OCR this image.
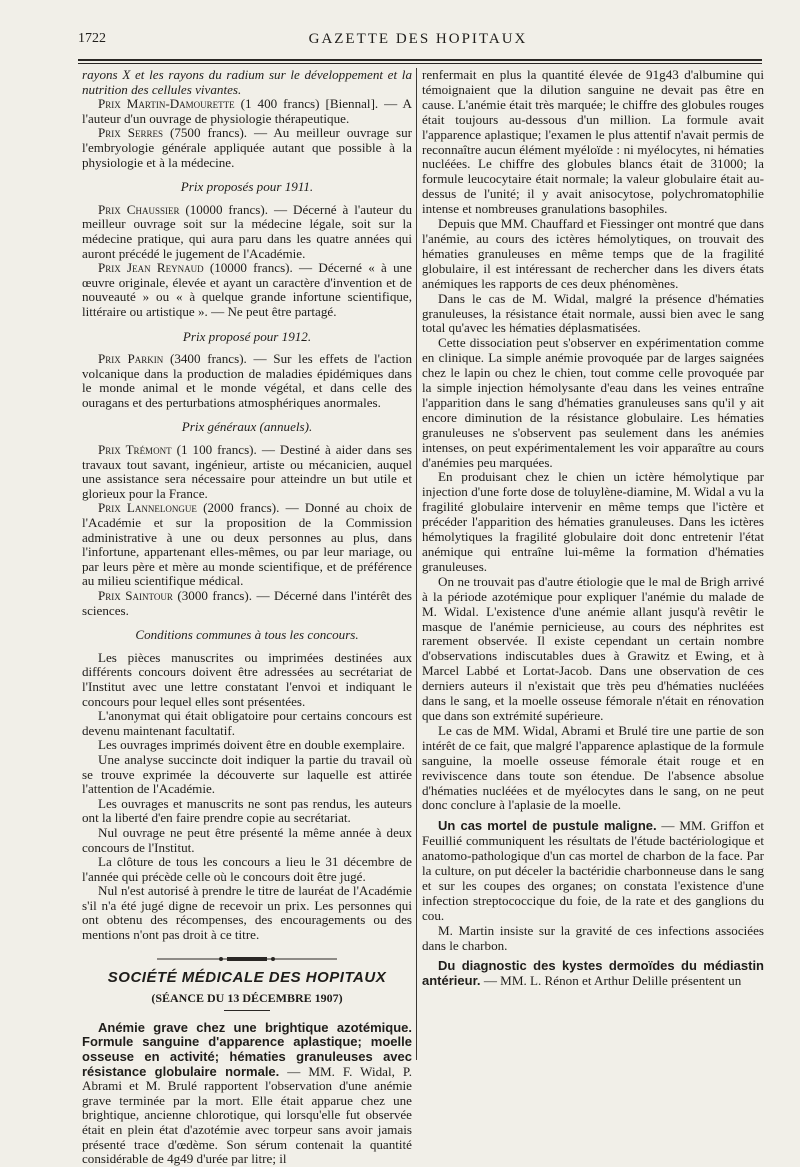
1722	GAZETTE DES HOPITAUX

rayons X et les rayons du radium sur le développement et la nutrition des cellules vivantes.

Prix Martin-Damourette (1 400 francs) [Biennal]. — A l'auteur d'un ouvrage de physiologie thérapeutique.

Prix Serres (7500 francs). — Au meilleur ouvrage sur l'embryologie générale appliquée autant que possible à la physiologie et à la médecine.

Prix proposés pour 1911.

Prix Chaussier (10000 francs). — Décerné à l'auteur du meilleur ouvrage soit sur la médecine légale, soit sur la médecine pratique, qui aura paru dans les quatre années qui auront précédé le jugement de l'Académie.

Prix Jean Reynaud (10000 francs). — Décerné « à une œuvre originale, élevée et ayant un caractère d'invention et de nouveauté » ou « à quelque grande infortune scientifique, littéraire ou artistique ». — Ne peut être partagé.

Prix proposé pour 1912.

Prix Parkin (3400 francs). — Sur les effets de l'action volcanique dans la production de maladies épidémiques dans le monde animal et le monde végétal, et dans celle des ouragans et des perturbations atmosphériques anormales.

Prix généraux (annuels).

Prix Trémont (1 100 francs). — Destiné à aider dans ses travaux tout savant, ingénieur, artiste ou mécanicien, auquel une assistance sera nécessaire pour atteindre un but utile et glorieux pour la France.

Prix Lannelongue (2000 francs). — Donné au choix de l'Académie et sur la proposition de la Commission administrative à une ou deux personnes au plus, dans l'infortune, appartenant elles-mêmes, ou par leur mariage, ou par leurs père et mère au monde scientifique, et de préférence au milieu scientifique médical.

Prix Saintour (3000 francs). — Décerné dans l'intérêt des sciences.

Conditions communes à tous les concours.

Les pièces manuscrites ou imprimées destinées aux différents concours doivent être adressées au secrétariat de l'Institut avec une lettre constatant l'envoi et indiquant le concours pour lequel elles sont présentées.

L'anonymat qui était obligatoire pour certains concours est devenu maintenant facultatif.

Les ouvrages imprimés doivent être en double exemplaire.

Une analyse succincte doit indiquer la partie du travail où se trouve exprimée la découverte sur laquelle est attirée l'attention de l'Académie.

Les ouvrages et manuscrits ne sont pas rendus, les auteurs ont la liberté d'en faire prendre copie au secrétariat.

Nul ouvrage ne peut être présenté la même année à deux concours de l'Institut.

La clôture de tous les concours a lieu le 31 décembre de l'année qui précède celle où le concours doit être jugé.

Nul n'est autorisé à prendre le titre de lauréat de l'Académie s'il n'a été jugé digne de recevoir un prix. Les personnes qui ont obtenu des récompenses, des encouragements ou des mentions n'ont pas droit à ce titre.

SOCIÉTÉ MÉDICALE DES HOPITAUX
(SÉANCE DU 13 DÉCEMBRE 1907)

Anémie grave chez une brightique azotémique. Formule sanguine d'apparence aplastique; moelle osseuse en activité; hématies granuleuses avec résistance globulaire normale. — MM. F. Widal, P. Abrami et M. Brulé rapportent l'observation d'une anémie grave terminée par la mort. Elle était apparue chez une brightique, ancienne chlorotique, qui lorsqu'elle fut observée était en plein état d'azotémie avec torpeur sans avoir jamais présenté trace d'œdème. Son sérum contenait la quantité considérable de 4g49 d'urée par litre; il

renfermait en plus la quantité élevée de 91g43 d'albumine qui témoignaient que la dilution sanguine ne devait pas être en cause. L'anémie était très marquée; le chiffre des globules rouges était toujours au-dessous d'un million. La formule avait l'apparence aplastique; l'examen le plus attentif n'avait permis de reconnaître aucun élément myéloïde : ni myélocytes, ni hématies nucléées. Le chiffre des globules blancs était de 31000; la formule leucocytaire était normale; la valeur globulaire était au-dessus de l'unité; il y avait anisocytose, polychromatophilie intense et nombreuses granulations basophiles.

Depuis que MM. Chauffard et Fiessinger ont montré que dans l'anémie, au cours des ictères hémolytiques, on trouvait des hématies granuleuses en même temps que de la fragilité globulaire, il est intéressant de rechercher dans les divers états anémiques les rapports de ces deux phénomènes.

Dans le cas de M. Widal, malgré la présence d'hématies granuleuses, la résistance était normale, aussi bien avec le sang total qu'avec les hématies déplasmatisées.

Cette dissociation peut s'observer en expérimentation comme en clinique. La simple anémie provoquée par de larges saignées chez le lapin ou chez le chien, tout comme celle provoquée par la simple injection hémolysante d'eau dans les veines entraîne l'apparition dans le sang d'hématies granuleuses sans qu'il y ait encore diminution de la résistance globulaire. Les hématies granuleuses ne s'observent pas seulement dans les anémies intenses, on peut expérimentalement les voir apparaître au cours d'anémies peu marquées.

En produisant chez le chien un ictère hémolytique par injection d'une forte dose de toluylène-diamine, M. Widal a vu la fragilité globulaire intervenir en même temps que l'ictère et précéder l'apparition des hématies granuleuses. Dans les ictères hémolytiques la fragilité globulaire doit donc entretenir l'état anémique qui entraîne lui-même la formation d'hématies granuleuses.

On ne trouvait pas d'autre étiologie que le mal de Brigh arrivé à la période azotémique pour expliquer l'anémie du malade de M. Widal. L'existence d'une anémie allant jusqu'à revêtir le masque de l'anémie pernicieuse, au cours des néphrites est rarement observée. Il existe cependant un certain nombre d'observations indiscutables dues à Grawitz et Ewing, et à Marcel Labbé et Lortat-Jacob. Dans une observation de ces derniers auteurs il n'existait que très peu d'hématies nucléées dans le sang, et la moelle osseuse fémorale n'était en rénovation que dans son extrémité supérieure.

Le cas de MM. Widal, Abrami et Brulé tire une partie de son intérêt de ce fait, que malgré l'apparence aplastique de la formule sanguine, la moelle osseuse fémorale était rouge et en reviviscence dans toute son étendue. De l'absence absolue d'hématies nucléées et de myélocytes dans le sang, on ne peut donc conclure à l'aplasie de la moelle.

Un cas mortel de pustule maligne. — MM. Griffon et Feuillié communiquent les résultats de l'étude bactériologique et anatomo-pathologique d'un cas mortel de charbon de la face. Par la culture, on put déceler la bactéridie charbonneuse dans le sang et sur les coupes des organes; on constata l'existence d'une infection streptococcique du foie, de la rate et des ganglions du cou.

M. Martin insiste sur la gravité de ces infections associées dans le charbon.

Du diagnostic des kystes dermoïdes du médiastin antérieur. — MM. L. Rénon et Arthur Delille présentent un
